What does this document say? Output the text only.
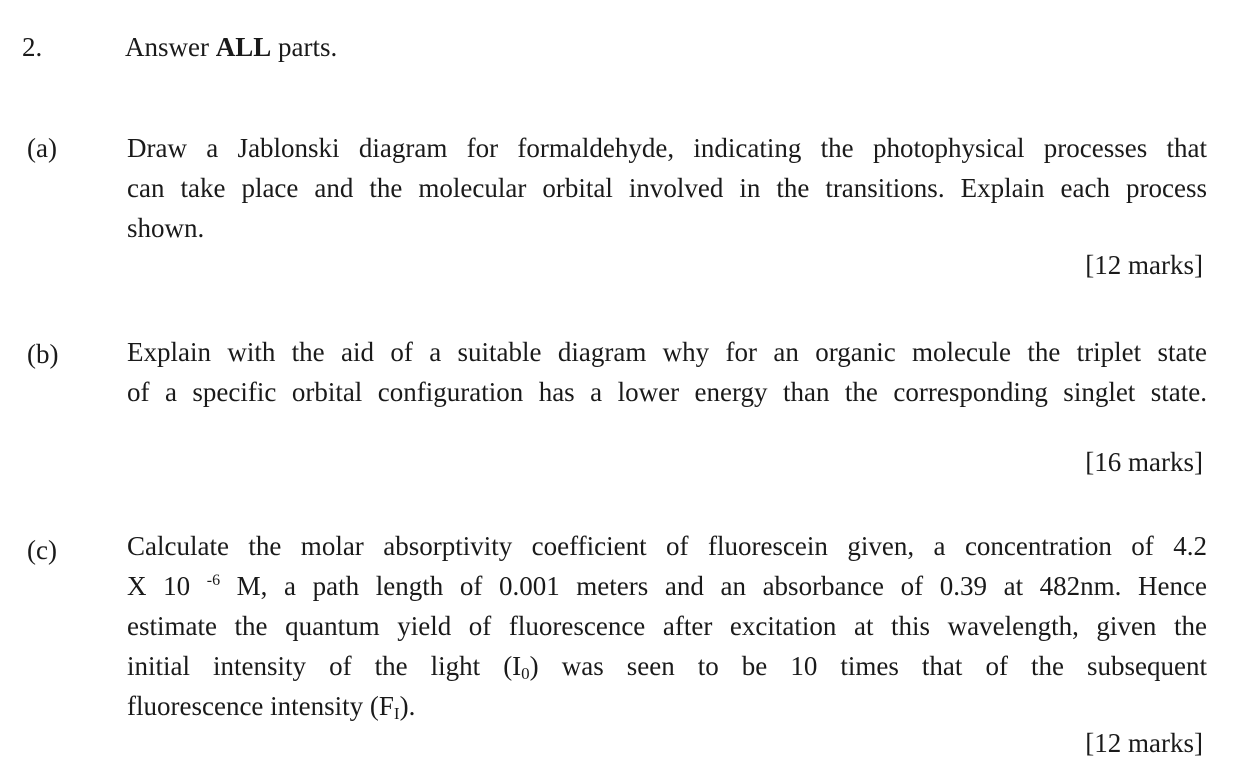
2.	Answer ALL parts.
(a)	Draw a Jablonski diagram for formaldehyde, indicating the photophysical processes that
can take place and the molecular orbital involved in the transitions. Explain each process
shown.
[12 marks]
(b)	Explain with the aid of a suitable diagram why for an organic molecule the triplet state
of a specific orbital configuration has a lower energy than the corresponding singlet state.
[16 marks]
(c)	Calculate the molar absorptivity coefficient of fluorescein given, a concentration of 4.2
X 10 $^{-6}$ M, a path length of 0.001 meters and an absorbance of 0.39 at 482nm. Hence
estimate the quantum yield of fluorescence after excitation at this wavelength, given the
initial intensity of the light $(I_0)$ was seen to be 10 times that of the subsequent
fluorescence intensity $(F_I)$.
[12 marks]
